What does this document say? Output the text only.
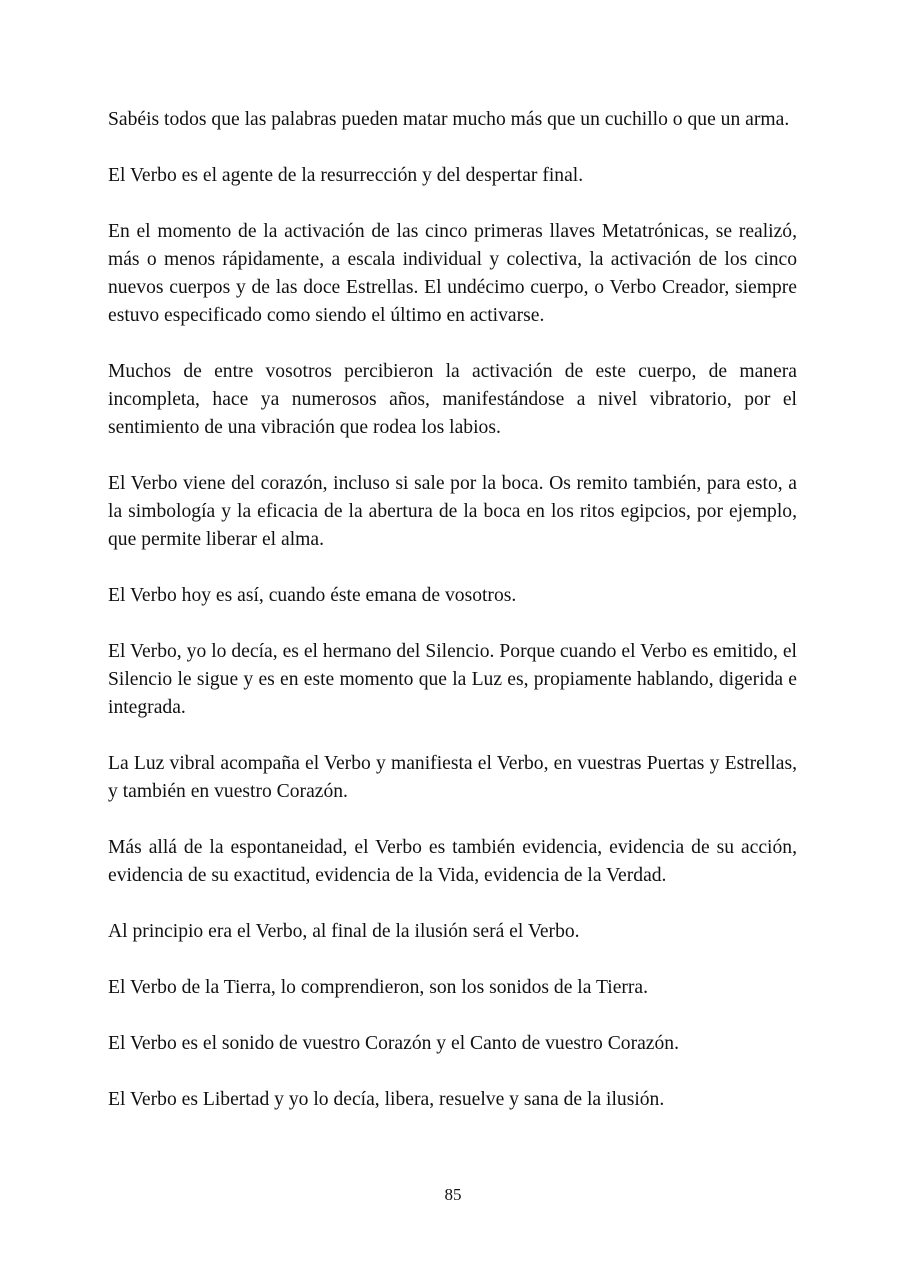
Sabéis todos que las palabras pueden matar mucho más que un cuchillo o que un arma.

El Verbo es el agente de la resurrección y del despertar final.

En el momento de la activación de las cinco primeras llaves Metatrónicas, se realizó, más o menos rápidamente, a escala individual y colectiva, la activación de los cinco nuevos cuerpos y de las doce Estrellas. El undécimo cuerpo, o Verbo Creador, siempre estuvo especificado como siendo el último en activarse.

Muchos de entre vosotros percibieron la activación de este cuerpo, de manera incompleta, hace ya numerosos años, manifestándose a nivel vibratorio, por el sentimiento de una vibración que rodea los labios.

El Verbo viene del corazón, incluso si sale por la boca. Os remito también, para esto, a la simbología y la eficacia de la abertura de la boca en los ritos egipcios, por ejemplo, que permite liberar el alma.

El Verbo hoy es así, cuando éste emana de vosotros.

El Verbo, yo lo decía, es el hermano del Silencio. Porque cuando el Verbo es emitido, el Silencio le sigue y es en este momento que la Luz es, propiamente hablando, digerida e integrada.

La Luz vibral acompaña el Verbo y manifiesta el Verbo, en vuestras Puertas y Estrellas, y también en vuestro Corazón.

Más allá de la espontaneidad, el Verbo es también evidencia, evidencia de su acción, evidencia de su exactitud, evidencia de la Vida, evidencia de la Verdad.

Al principio era el Verbo, al final de la ilusión será el Verbo.

El Verbo de la Tierra, lo comprendieron, son los sonidos de la Tierra.

El Verbo es el sonido de vuestro Corazón y el Canto de vuestro Corazón.

El Verbo es Libertad y yo lo decía, libera, resuelve y sana de la ilusión.

85
